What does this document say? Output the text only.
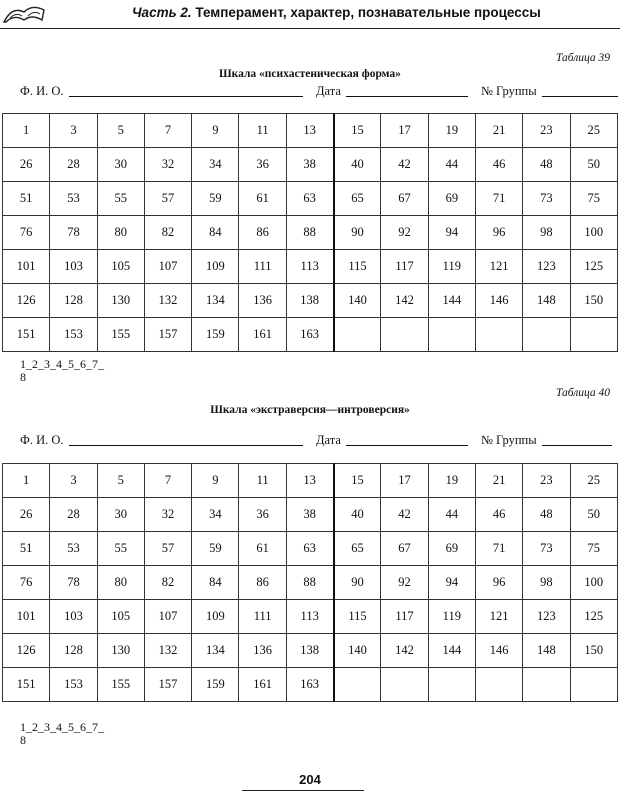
Часть 2. Темперамент, характер, познавательные процессы
Таблица 39
Шкала «психастеническая форма»
Ф. И. О.	Дата	№ Группы
1	3	5	7	9	11	13	15	17	19	21	23	25
26	28	30	32	34	36	38	40	42	44	46	48	50
51	53	55	57	59	61	63	65	67	69	71	73	75
76	78	80	82	84	86	88	90	92	94	96	98	100
101	103	105	107	109	111	113	115	117	119	121	123	125
126	128	130	132	134	136	138	140	142	144	146	148	150
151	153	155	157	159	161	163						
1_2_3_4_5_6_7_
8
Таблица 40
Шкала «экстраверсия—интроверсия»
Ф. И. О.	Дата	№ Группы
1	3	5	7	9	11	13	15	17	19	21	23	25
26	28	30	32	34	36	38	40	42	44	46	48	50
51	53	55	57	59	61	63	65	67	69	71	73	75
76	78	80	82	84	86	88	90	92	94	96	98	100
101	103	105	107	109	111	113	115	117	119	121	123	125
126	128	130	132	134	136	138	140	142	144	146	148	150
151	153	155	157	159	161	163						
1_2_3_4_5_6_7_
8
204
